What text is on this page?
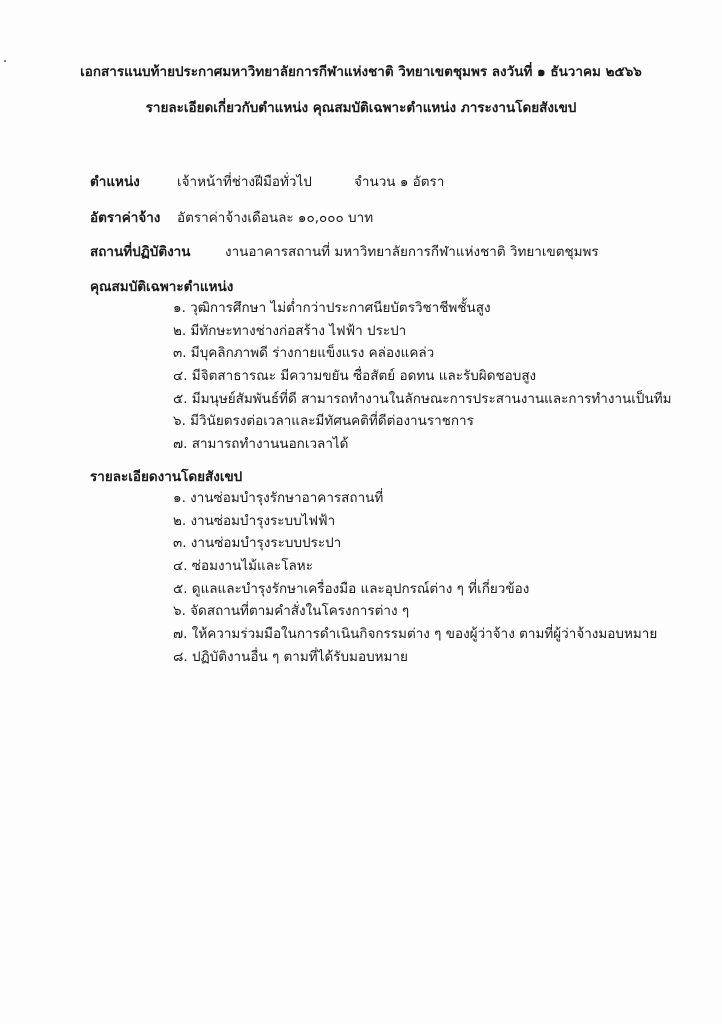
เอกสารแนบท้ายประกาศมหาวิทยาลัยการกีฬาแห่งชาติ วิทยาเขตชุมพร ลงวันที่ ๑ ธันวาคม ๒๕๖๖
รายละเอียดเกี่ยวกับตำแหน่ง คุณสมบัติเฉพาะตำแหน่ง ภาระงานโดยสังเขป
ตำแหน่ง	เจ้าหน้าที่ช่างฝีมือทั่วไป	จำนวน ๑ อัตรา
อัตราค่าจ้าง อัตราค่าจ้างเดือนละ ๑๐,๐๐๐ บาท
สถานที่ปฏิบัติงาน	งานอาคารสถานที่ มหาวิทยาลัยการกีฬาแห่งชาติ วิทยาเขตชุมพร
คุณสมบัติเฉพาะตำแหน่ง
๑. วุฒิการศึกษา ไม่ต่ำกว่าประกาศนียบัตรวิชาชีพชั้นสูง
๒. มีทักษะทางช่างก่อสร้าง ไฟฟ้า ประปา
๓. มีบุคลิกภาพดี ร่างกายแข็งแรง คล่องแคล่ว
๔. มีจิตสาธารณะ มีความขยัน ซื่อสัตย์ อดทน และรับผิดชอบสูง
๕. มีมนุษย์สัมพันธ์ที่ดี สามารถทำงานในลักษณะการประสานงานและการทำงานเป็นทีม
๖. มีวินัยตรงต่อเวลาและมีทัศนคติที่ดีต่องานราชการ
๗. สามารถทำงานนอกเวลาได้
รายละเอียดงานโดยสังเขป
๑. งานซ่อมบำรุงรักษาอาคารสถานที่
๒. งานซ่อมบำรุงระบบไฟฟ้า
๓. งานซ่อมบำรุงระบบประปา
๔. ซ่อมงานไม้และโลหะ
๕. ดูแลและบำรุงรักษาเครื่องมือ และอุปกรณ์ต่าง ๆ ที่เกี่ยวข้อง
๖. จัดสถานที่ตามคำสั่งในโครงการต่าง ๆ
๗. ให้ความร่วมมือในการดำเนินกิจกรรมต่าง ๆ ของผู้ว่าจ้าง ตามที่ผู้ว่าจ้างมอบหมาย
๘. ปฏิบัติงานอื่น ๆ ตามที่ได้รับมอบหมาย
